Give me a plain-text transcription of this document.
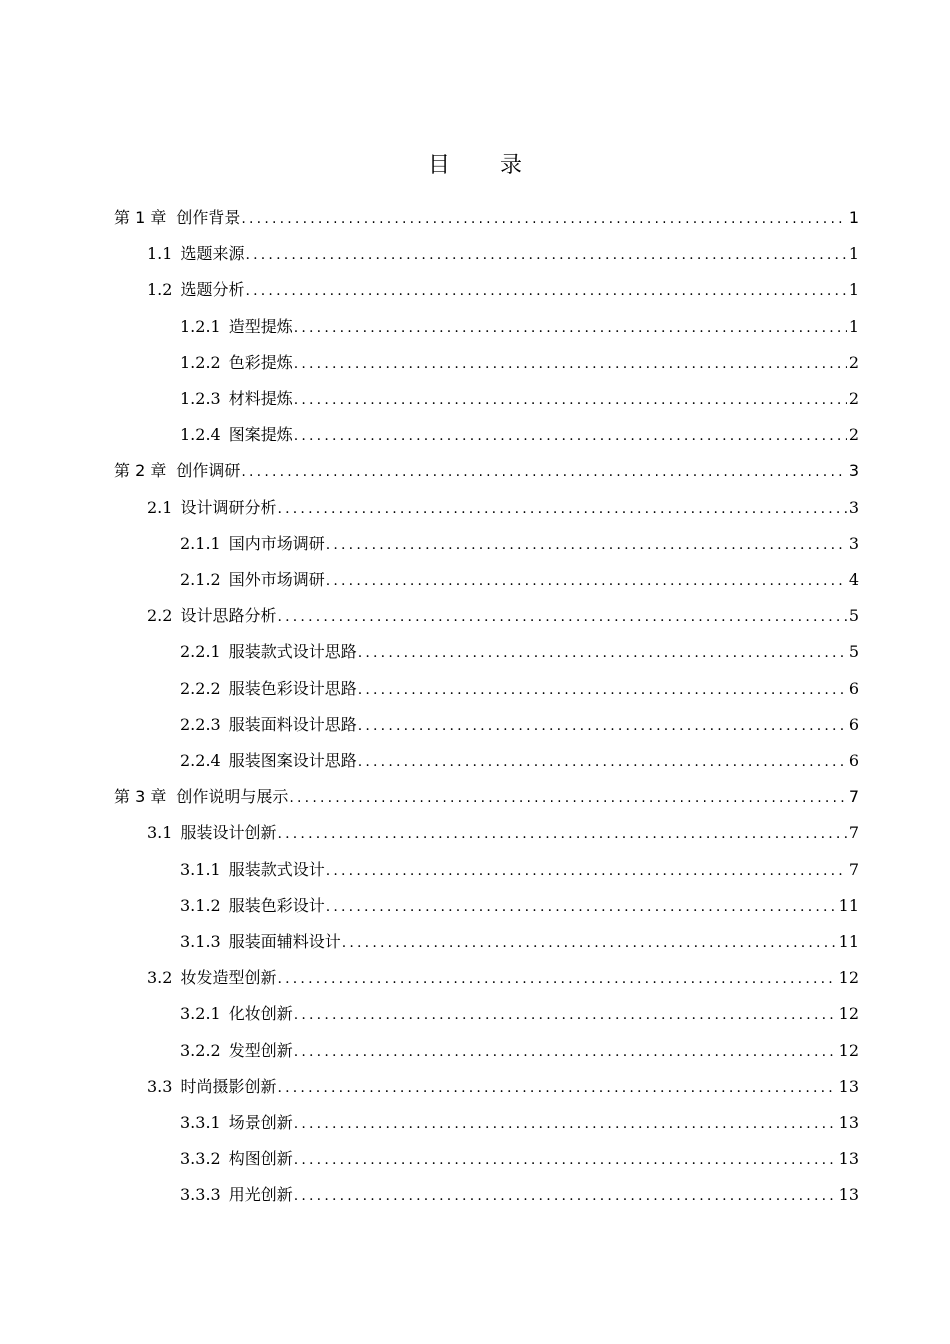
目 录
第 1 章 创作背景 .....	1
1.1 选题来源 .....	1
1.2 选题分析 .....	1
1.2.1 造型提炼 .....	1
1.2.2 色彩提炼 .....	2
1.2.3 材料提炼 .....	2
1.2.4 图案提炼 .....	2
第 2 章 创作调研 .....	3
2.1 设计调研分析 .....	3
2.1.1 国内市场调研 .....	3
2.1.2 国外市场调研 .....	4
2.2 设计思路分析 .....	5
2.2.1 服装款式设计思路 .....	5
2.2.2 服装色彩设计思路 .....	6
2.2.3 服装面料设计思路 .....	6
2.2.4 服装图案设计思路 .....	6
第 3 章 创作说明与展示 .....	7
3.1 服装设计创新 .....	7
3.1.1 服装款式设计 .....	7
3.1.2 服装色彩设计 .....	11
3.1.3 服装面辅料设计 .....	11
3.2 妆发造型创新 .....	12
3.2.1 化妆创新 .....	12
3.2.2 发型创新 .....	12
3.3 时尚摄影创新 .....	13
3.3.1 场景创新 .....	13
3.3.2 构图创新 .....	13
3.3.3 用光创新 .....	13
